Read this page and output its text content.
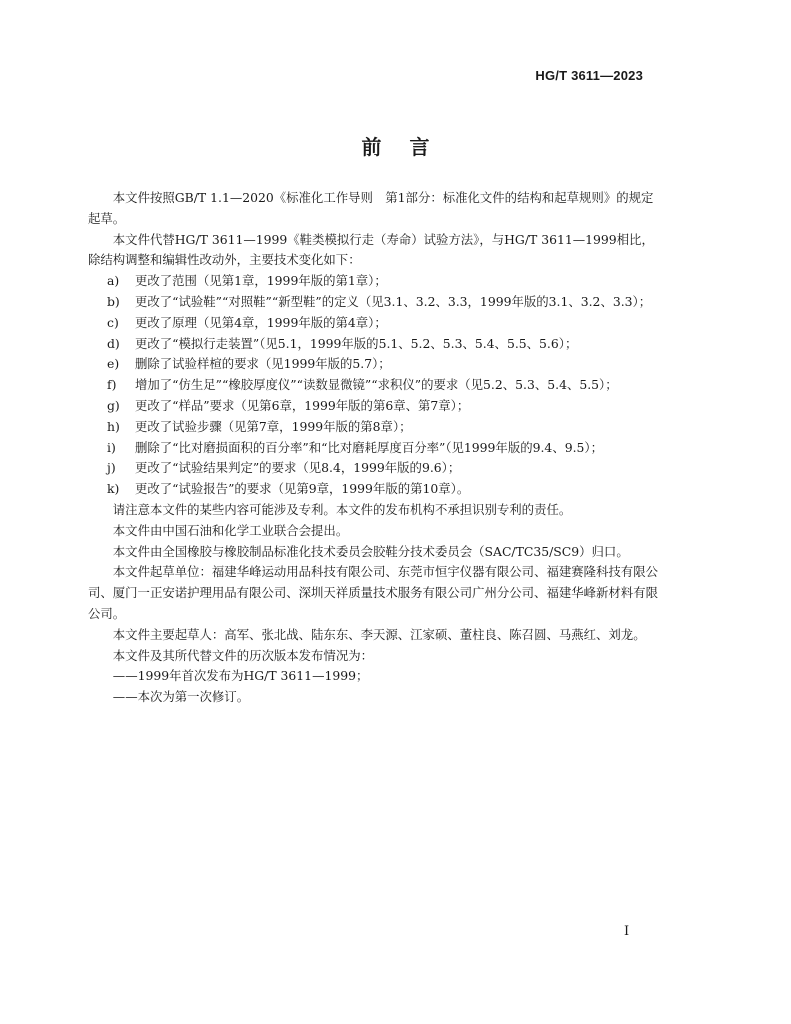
HG/T 3611—2023
前言

本文件按照GB/T 1.1—2020《标准化工作导则　第1部分：标准化文件的结构和起草规则》的规定起草。

本文件代替HG/T 3611—1999《鞋类模拟行走（寿命）试验方法》，与HG/T 3611—1999相比，除结构调整和编辑性改动外，主要技术变化如下：

a) 更改了范围（见第1章，1999年版的第1章）；
b) 更改了“试验鞋”“对照鞋”“新型鞋”的定义（见3.1、3.2、3.3，1999年版的3.1、3.2、3.3）；
c) 更改了原理（见第4章，1999年版的第4章）；
d) 更改了“模拟行走装置”（见5.1，1999年版的5.1、5.2、5.3、5.4、5.5、5.6）；
e) 删除了试验样楦的要求（见1999年版的5.7）；
f) 增加了“仿生足”“橡胶厚度仪”“读数显微镜”“求积仪”的要求（见5.2、5.3、5.4、5.5）；
g) 更改了“样品”要求（见第6章，1999年版的第6章、第7章）；
h) 更改了试验步骤（见第7章，1999年版的第8章）；
i) 删除了“比对磨损面积的百分率”和“比对磨耗厚度百分率”（见1999年版的9.4、9.5）；
j) 更改了“试验结果判定”的要求（见8.4，1999年版的9.6）；
k) 更改了“试验报告”的要求（见第9章，1999年版的第10章）。

请注意本文件的某些内容可能涉及专利。本文件的发布机构不承担识别专利的责任。

本文件由中国石油和化学工业联合会提出。

本文件由全国橡胶与橡胶制品标准化技术委员会胶鞋分技术委员会（SAC/TC35/SC9）归口。

本文件起草单位：福建华峰运动用品科技有限公司、东莞市恒宇仪器有限公司、福建赛隆科技有限公司、厦门一正安诺护理用品有限公司、深圳天祥质量技术服务有限公司广州分公司、福建华峰新材料有限公司。

本文件主要起草人：高军、张北战、陆东东、李天源、江家硕、董柱良、陈召圆、马燕红、刘龙。

本文件及其所代替文件的历次版本发布情况为：

——1999年首次发布为HG/T 3611—1999；

——本次为第一次修订。

I
